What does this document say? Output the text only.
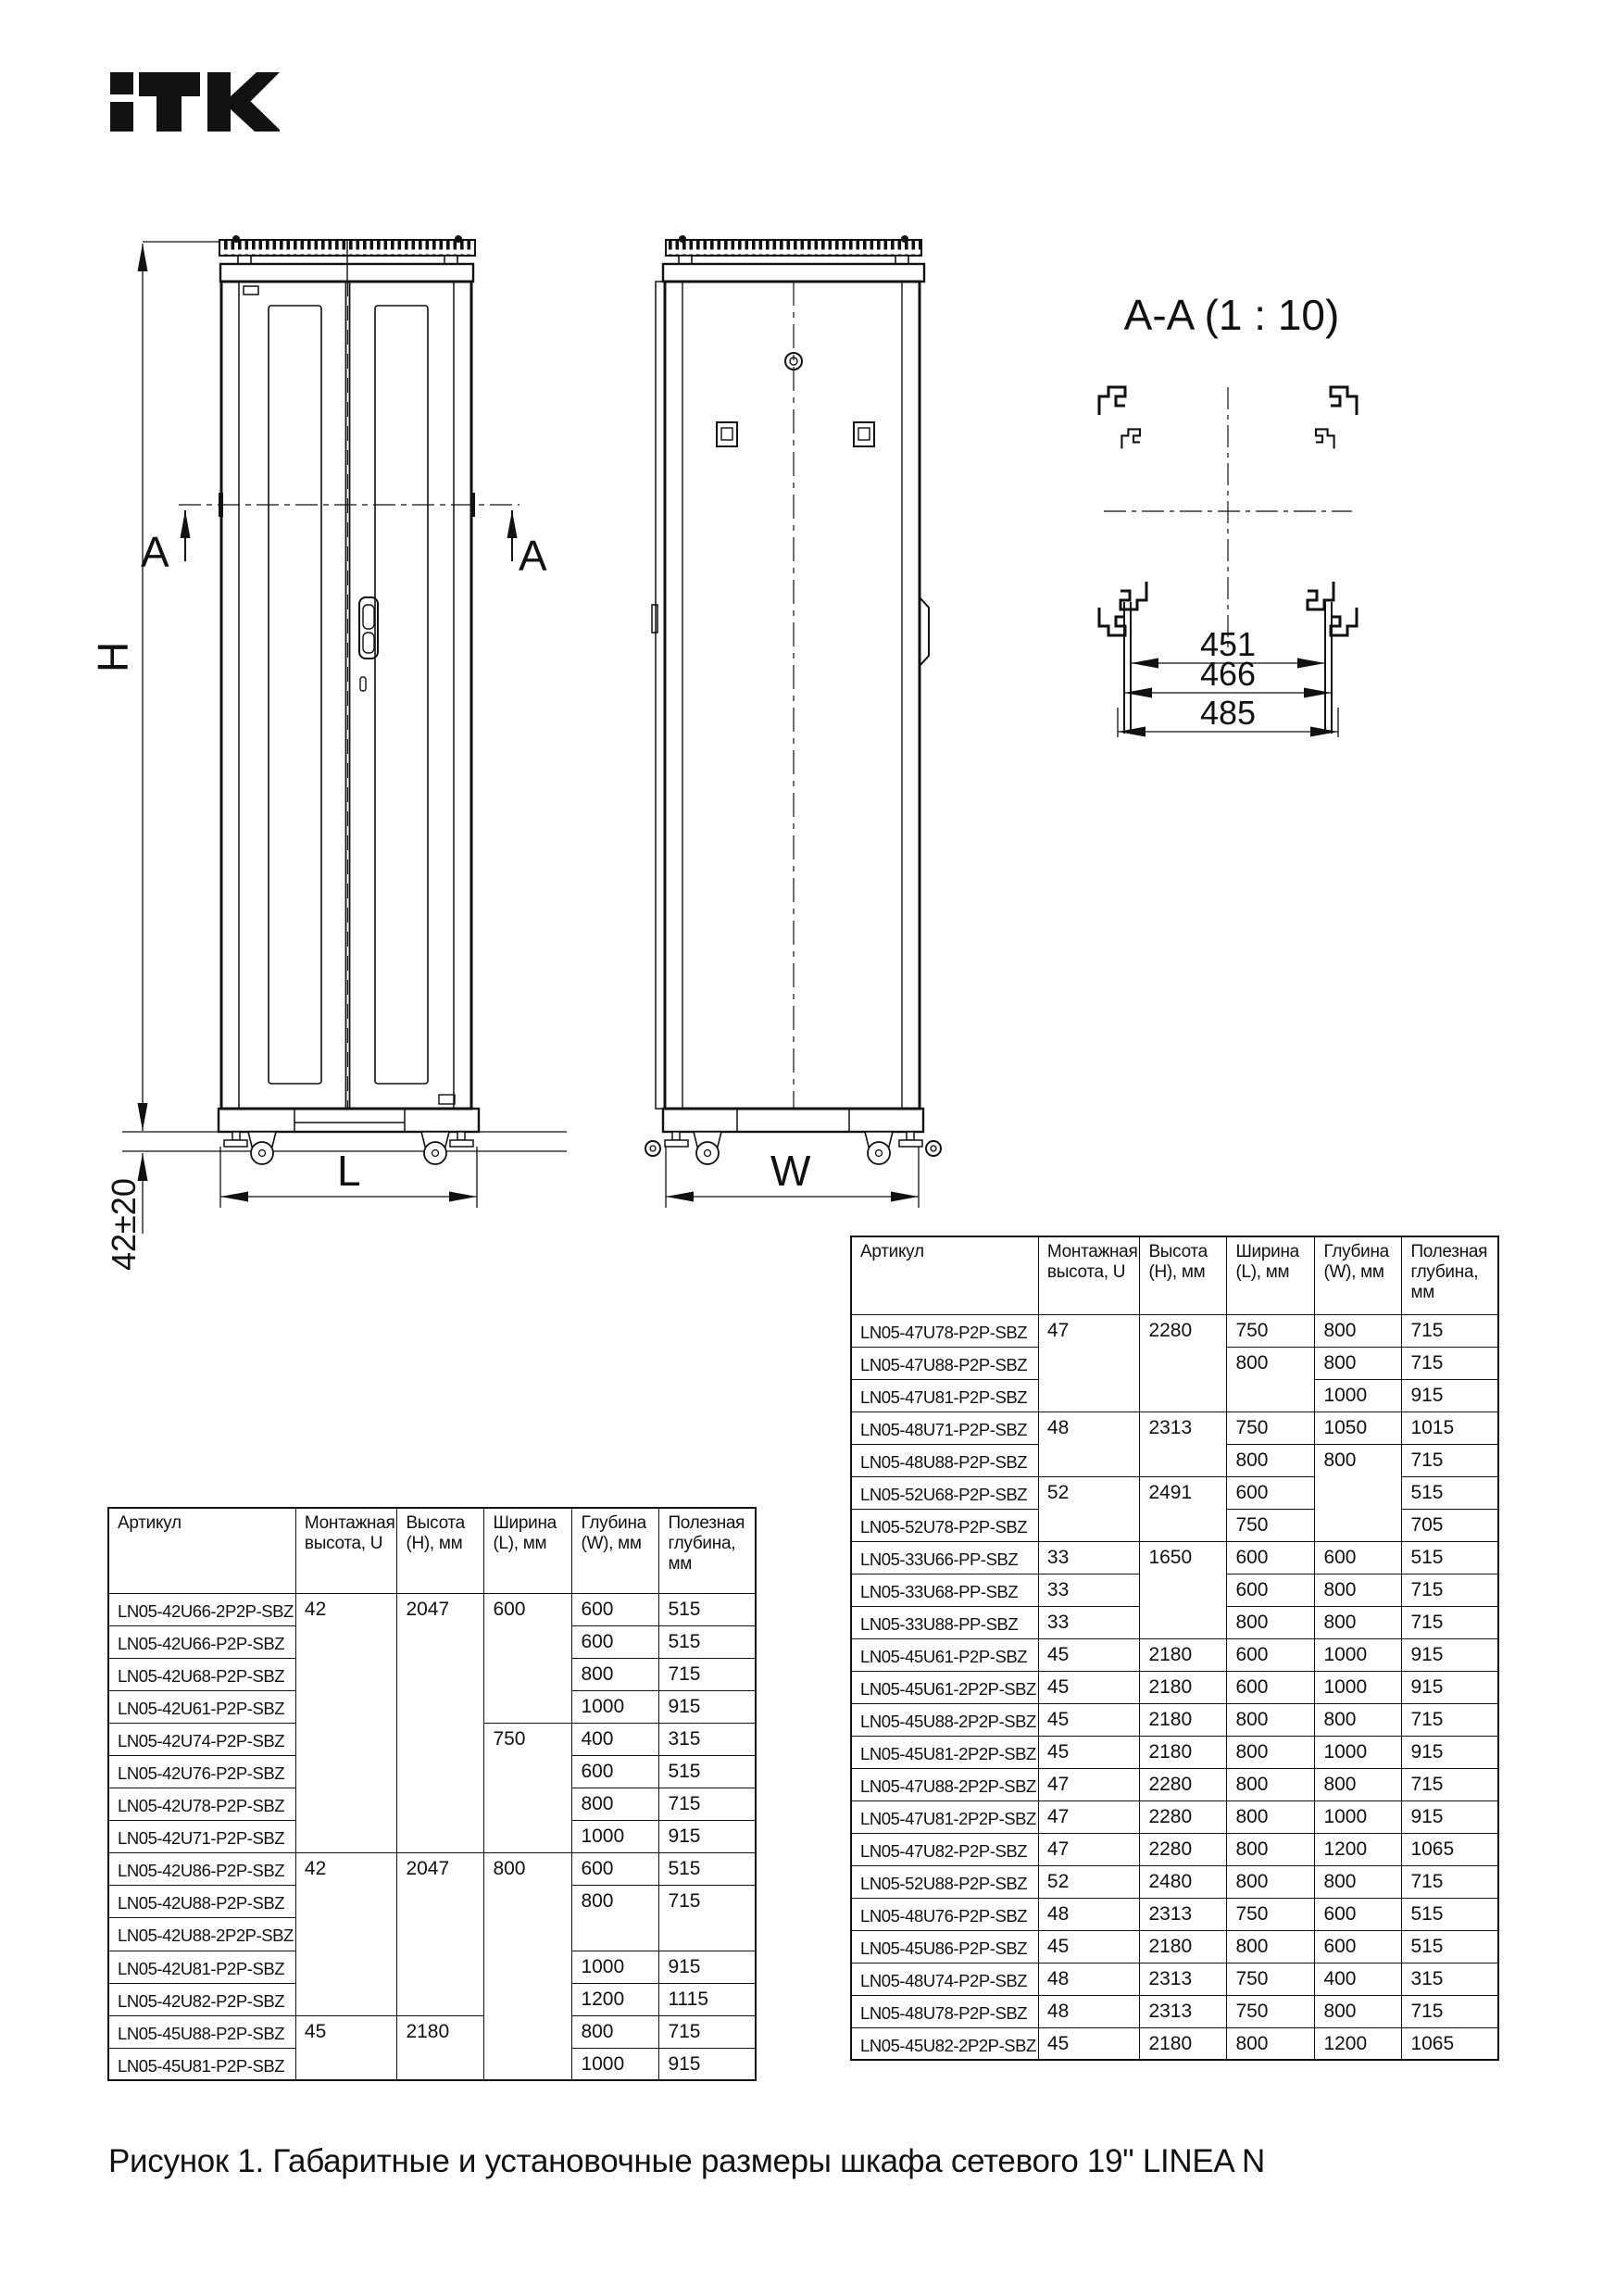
H
A	A
L	W
42±20
A-A (1 : 10)
451
466
485
Артикул	Монтажная высота, U	Высота (H), мм	Ширина (L), мм	Глубина (W), мм	Полезная глубина, мм
LN05-47U78-P2P-SBZ	47	2280	750	800	715
LN05-47U88-P2P-SBZ			800	800	715
LN05-47U81-P2P-SBZ				1000	915
LN05-48U71-P2P-SBZ	48	2313	750	1050	1015
LN05-48U88-P2P-SBZ			800	800	715
LN05-52U68-P2P-SBZ	52	2491	600		515
LN05-52U78-P2P-SBZ			750		705
LN05-33U66-PP-SBZ	33	1650	600	600	515
LN05-33U68-PP-SBZ	33		600	800	715
LN05-33U88-PP-SBZ	33		800	800	715
LN05-45U61-P2P-SBZ	45	2180	600	1000	915
LN05-45U61-2P2P-SBZ	45	2180	600	1000	915
LN05-45U88-2P2P-SBZ	45	2180	800	800	715
LN05-45U81-2P2P-SBZ	45	2180	800	1000	915
LN05-47U88-2P2P-SBZ	47	2280	800	800	715
LN05-47U81-2P2P-SBZ	47	2280	800	1000	915
LN05-47U82-P2P-SBZ	47	2280	800	1200	1065
LN05-52U88-P2P-SBZ	52	2480	800	800	715
LN05-48U76-P2P-SBZ	48	2313	750	600	515
LN05-45U86-P2P-SBZ	45	2180	800	600	515
LN05-48U74-P2P-SBZ	48	2313	750	400	315
LN05-48U78-P2P-SBZ	48	2313	750	800	715
LN05-45U82-2P2P-SBZ	45	2180	800	1200	1065
Артикул	Монтажная высота, U	Высота (H), мм	Ширина (L), мм	Глубина (W), мм	Полезная глубина, мм
LN05-42U66-2P2P-SBZ	42	2047	600	600	515
LN05-42U66-P2P-SBZ				600	515
LN05-42U68-P2P-SBZ				800	715
LN05-42U61-P2P-SBZ				1000	915
LN05-42U74-P2P-SBZ			750	400	315
LN05-42U76-P2P-SBZ				600	515
LN05-42U78-P2P-SBZ				800	715
LN05-42U71-P2P-SBZ				1000	915
LN05-42U86-P2P-SBZ	42	2047	800	600	515
LN05-42U88-P2P-SBZ				800	715
LN05-42U88-2P2P-SBZ					
LN05-42U81-P2P-SBZ				1000	915
LN05-42U82-P2P-SBZ				1200	1115
LN05-45U88-P2P-SBZ	45	2180		800	715
LN05-45U81-P2P-SBZ				1000	915
Рисунок 1. Габаритные и установочные размеры шкафа сетевого 19" LINEA N
